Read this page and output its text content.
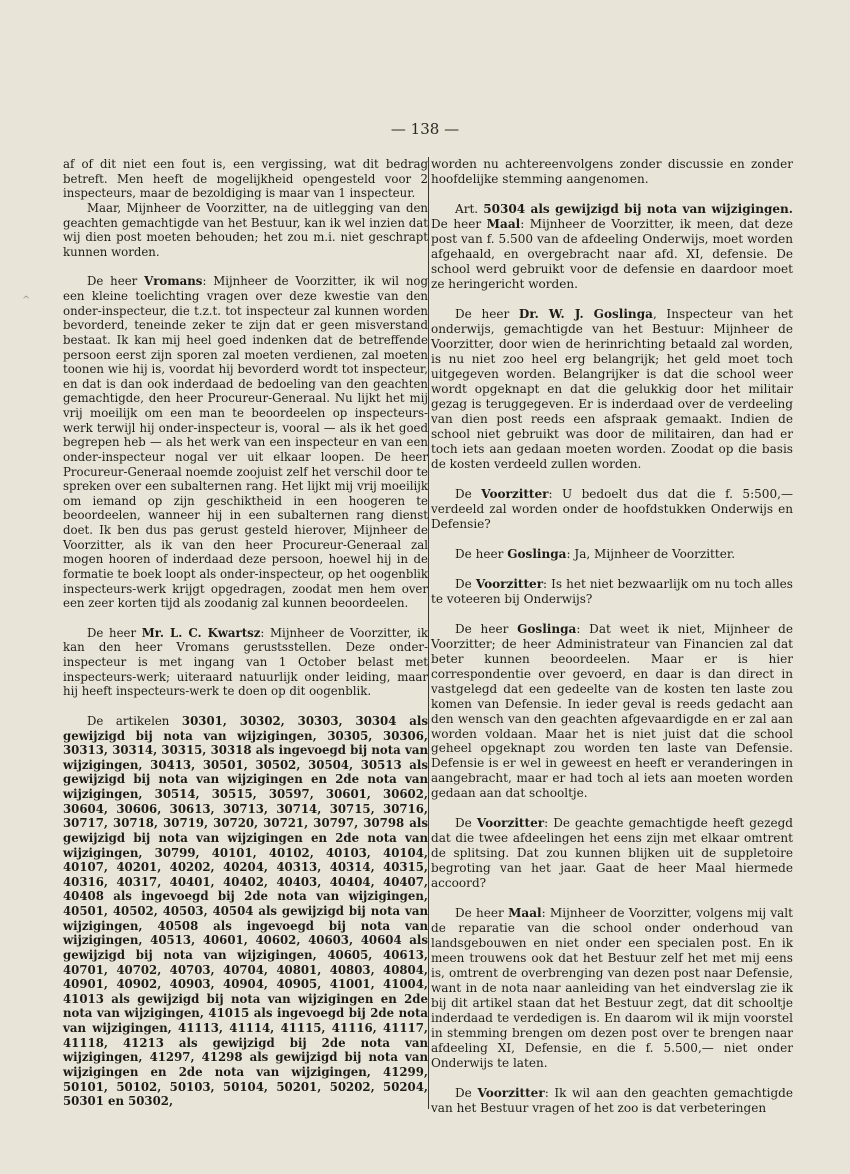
^
— 138 —

af of dit niet een fout is, een vergissing, wat dit bedrag betreft. Men heeft de mogelijkheid opengesteld voor 2 inspecteurs, maar de bezoldiging is maar van 1 inspecteur.

Maar, Mijnheer de Voorzitter, na de uitlegging van den geachten gemachtigde van het Bestuur, kan ik wel inzien dat wij dien post moeten behouden; het zou m.i. niet geschrapt kunnen worden.

De heer Vromans: Mijnheer de Voorzitter, ik wil nog een kleine toelichting vragen over deze kwestie van den onder-inspecteur, die t.z.t. tot inspecteur zal kunnen worden bevorderd, teneinde zeker te zijn dat er geen misverstand bestaat. Ik kan mij heel goed indenken dat de betreffende persoon eerst zijn sporen zal moeten verdienen, zal moeten toonen wie hij is, voordat hij bevorderd wordt tot inspecteur, en dat is dan ook inderdaad de bedoeling van den geachten gemachtigde, den heer Procureur-Generaal. Nu lijkt het mij vrij moeilijk om een man te beoordeelen op inspecteurs-werk terwijl hij onder-inspecteur is, vooral — als ik het goed begrepen heb — als het werk van een inspecteur en van een onder-inspecteur nogal ver uit elkaar loopen. De heer Procureur-Generaal noemde zoojuist zelf het verschil door te spreken over een subalternen rang. Het lijkt mij vrij moeilijk om iemand op zijn geschiktheid in een hoogeren te beoordeelen, wanneer hij in een subalternen rang dienst doet. Ik ben dus pas gerust gesteld hierover, Mijnheer de Voorzitter, als ik van den heer Procureur-Generaal zal mogen hooren of inderdaad deze persoon, hoewel hij in de formatie te boek loopt als onder-inspecteur, op het oogenblik inspecteurs-werk krijgt opgedragen, zoodat men hem over een zeer korten tijd als zoodanig zal kunnen beoordeelen.

De heer Mr. L. C. Kwartsz: Mijnheer de Voorzitter, ik kan den heer Vromans gerustsstellen. Deze onder-inspecteur is met ingang van 1 October belast met inspecteurs-werk; uiteraard natuurlijk onder leiding, maar hij heeft inspecteurs-werk te doen op dit oogenblik.

De artikelen 30301, 30302, 30303, 30304 als gewijzigd bij nota van wijzigingen, 30305, 30306, 30313, 30314, 30315, 30318 als ingevoegd bij nota van wijzigingen, 30413, 30501, 30502, 30504, 30513 als gewijzigd bij nota van wijzigingen en 2de nota van wijzigingen, 30514, 30515, 30597, 30601, 30602, 30604, 30606, 30613, 30713, 30714, 30715, 30716, 30717, 30718, 30719, 30720, 30721, 30797, 30798 als gewijzigd bij nota van wijzigingen en 2de nota van wijzigingen, 30799, 40101, 40102, 40103, 40104, 40107, 40201, 40202, 40204, 40313, 40314, 40315, 40316, 40317, 40401, 40402, 40403, 40404, 40407, 40408 als ingevoegd bij 2de nota van wijzigingen, 40501, 40502, 40503, 40504 als gewijzigd bij nota van wijzigingen, 40508 als ingevoegd bij nota van wijzigingen, 40513, 40601, 40602, 40603, 40604 als gewijzigd bij nota van wijzigingen, 40605, 40613, 40701, 40702, 40703, 40704, 40801, 40803, 40804, 40901, 40902, 40903, 40904, 40905, 41001, 41004, 41013 als gewijzigd bij nota van wijzigingen en 2de nota van wijzigingen, 41015 als ingevoegd bij 2de nota van wijzigingen, 41113, 41114, 41115, 41116, 41117, 41118, 41213 als gewijzigd bij 2de nota van wijzigingen, 41297, 41298 als gewijzigd bij nota van wijzigingen en 2de nota van wijzigingen, 41299, 50101, 50102, 50103, 50104, 50201, 50202, 50204, 50301 en 50302,

worden nu achtereenvolgens zonder discussie en zonder hoofdelijke stemming aangenomen.

Art. 50304 als gewijzigd bij nota van wijzigingen. De heer Maal: Mijnheer de Voorzitter, ik meen, dat deze post van f. 5.500 van de afdeeling Onderwijs, moet worden afgehaald, en overgebracht naar afd. XI, defensie. De school werd gebruikt voor de defensie en daardoor moet ze heringericht worden.

De heer Dr. W. J. Goslinga, Inspecteur van het onderwijs, gemachtigde van het Bestuur: Mijnheer de Voorzitter, door wien de herinrichting betaald zal worden, is nu niet zoo heel erg belangrijk; het geld moet toch uitgegeven worden. Belangrijker is dat die school weer wordt opgeknapt en dat die gelukkig door het militair gezag is teruggegeven. Er is inderdaad over de verdeeling van dien post reeds een afspraak gemaakt. Indien de school niet gebruikt was door de militairen, dan had er toch iets aan gedaan moeten worden. Zoodat op die basis de kosten verdeeld zullen worden.

De Voorzitter: U bedoelt dus dat die f. 5:500,— verdeeld zal worden onder de hoofdstukken Onderwijs en Defensie?

De heer Goslinga: Ja, Mijnheer de Voorzitter.

De Voorzitter: Is het niet bezwaarlijk om nu toch alles te voteeren bij Onderwijs?

De heer Goslinga: Dat weet ik niet, Mijnheer de Voorzitter; de heer Administrateur van Financien zal dat beter kunnen beoordeelen. Maar er is hier correspondentie over gevoerd, en daar is dan direct in vastgelegd dat een gedeelte van de kosten ten laste zou komen van Defensie. In ieder geval is reeds gedacht aan den wensch van den geachten afgevaardigde en er zal aan worden voldaan. Maar het is niet juist dat die school geheel opgeknapt zou worden ten laste van Defensie. Defensie is er wel in geweest en heeft er veranderingen in aangebracht, maar er had toch al iets aan moeten worden gedaan aan dat schooltje.

De Voorzitter: De geachte gemachtigde heeft gezegd dat die twee afdeelingen het eens zijn met elkaar omtrent de splitsing. Dat zou kunnen blijken uit de suppletoire begroting van het jaar. Gaat de heer Maal hiermede accoord?

De heer Maal: Mijnheer de Voorzitter, volgens mij valt de reparatie van die school onder onderhoud van landsgebouwen en niet onder een specialen post. En ik meen trouwens ook dat het Bestuur zelf het met mij eens is, omtrent de overbrenging van dezen post naar Defensie, want in de nota naar aanleiding van het eindverslag zie ik bij dit artikel staan dat het Bestuur zegt, dat dit schooltje inderdaad te verdedigen is. En daarom wil ik mijn voorstel in stemming brengen om dezen post over te brengen naar afdeeling XI, Defensie, en die f. 5.500,— niet onder Onderwijs te laten.

De Voorzitter: Ik wil aan den geachten gemachtigde van het Bestuur vragen of het zoo is dat verbeteringen
